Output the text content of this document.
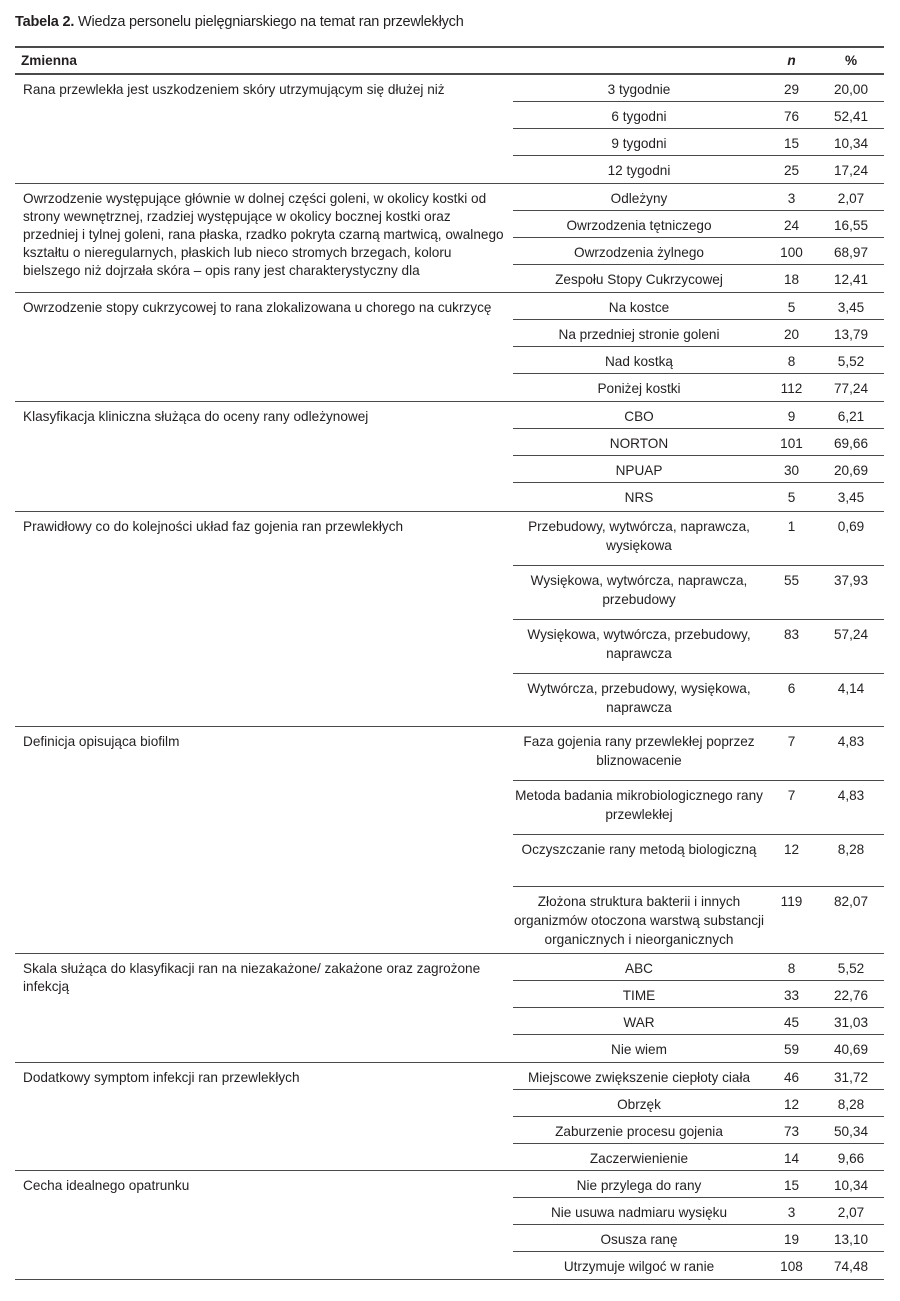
Tabela 2. Wiedza personelu pielęgniarskiego na temat ran przewlekłych
Zmienna		n	%
Rana przewlekła jest uszkodzeniem skóry utrzymującym się dłużej niż	3 tygodnie	29	20,00
	6 tygodni	76	52,41
	9 tygodni	15	10,34
	12 tygodni	25	17,24
Owrzodzenie występujące głównie w dolnej części goleni, w okolicy kostki od strony wewnętrznej, rzadziej występujące w okolicy bocznej kostki oraz przedniej i tylnej goleni, rana płaska, rzadko pokryta czarną martwicą, owalnego kształtu o nieregularnych, płaskich lub nieco stromych brzegach, koloru bielszego niż dojrzała skóra – opis rany jest charakterystyczny dla	Odleżyny	3	2,07
	Owrzodzenia tętniczego	24	16,55
	Owrzodzenia żylnego	100	68,97
	Zespołu Stopy Cukrzycowej	18	12,41
Owrzodzenie stopy cukrzycowej to rana zlokalizowana u chorego na cukrzycę	Na kostce	5	3,45
	Na przedniej stronie goleni	20	13,79
	Nad kostką	8	5,52
	Poniżej kostki	112	77,24
Klasyfikacja kliniczna służąca do oceny rany odleżynowej	CBO	9	6,21
	NORTON	101	69,66
	NPUAP	30	20,69
	NRS	5	3,45
Prawidłowy co do kolejności układ faz gojenia ran przewlekłych	Przebudowy, wytwórcza, naprawcza, wysiękowa	1	0,69
	Wysiękowa, wytwórcza, naprawcza, przebudowy	55	37,93
	Wysiękowa, wytwórcza, przebudowy, naprawcza	83	57,24
	Wytwórcza, przebudowy, wysiękowa, naprawcza	6	4,14
Definicja opisująca biofilm	Faza gojenia rany przewlekłej poprzez bliznowacenie	7	4,83
	Metoda badania mikrobiologicznego rany przewlekłej	7	4,83
	Oczyszczanie rany metodą biologiczną	12	8,28
	Złożona struktura bakterii i innych organizmów otoczona warstwą substancji organicznych i nieorganicznych	119	82,07
Skala służąca do klasyfikacji ran na niezakażone/ zakażone oraz zagrożone infekcją	ABC	8	5,52
	TIME	33	22,76
	WAR	45	31,03
	Nie wiem	59	40,69
Dodatkowy symptom infekcji ran przewlekłych	Miejscowe zwiększenie ciepłoty ciała	46	31,72
	Obrzęk	12	8,28
	Zaburzenie procesu gojenia	73	50,34
	Zaczerwienienie	14	9,66
Cecha idealnego opatrunku	Nie przylega do rany	15	10,34
	Nie usuwa nadmiaru wysięku	3	2,07
	Osusza ranę	19	13,10
	Utrzymuje wilgoć w ranie	108	74,48
